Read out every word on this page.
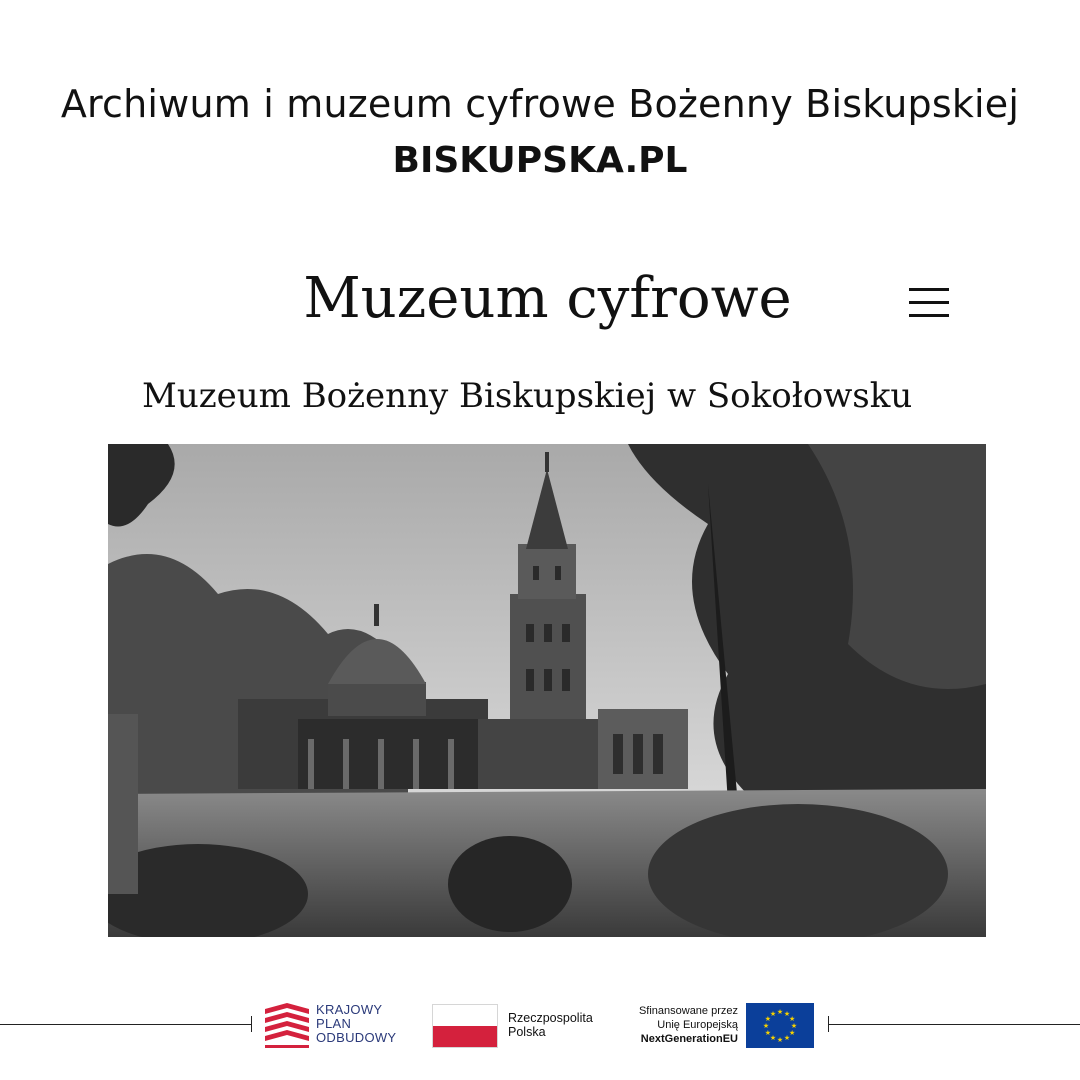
Archiwum i muzeum cyfrowe Bożenny Biskupskiej
BISKUPSKA.PL
Muzeum cyfrowe
Muzeum Bożenny Biskupskiej w Sokołowsku
KRAJOWY
PLAN
ODBUDOWY
Rzeczpospolita
Polska
Sfinansowane przez
Unię Europejską
NextGenerationEU
★ ★
★
★
★
★
★
★
★
★
★
★
